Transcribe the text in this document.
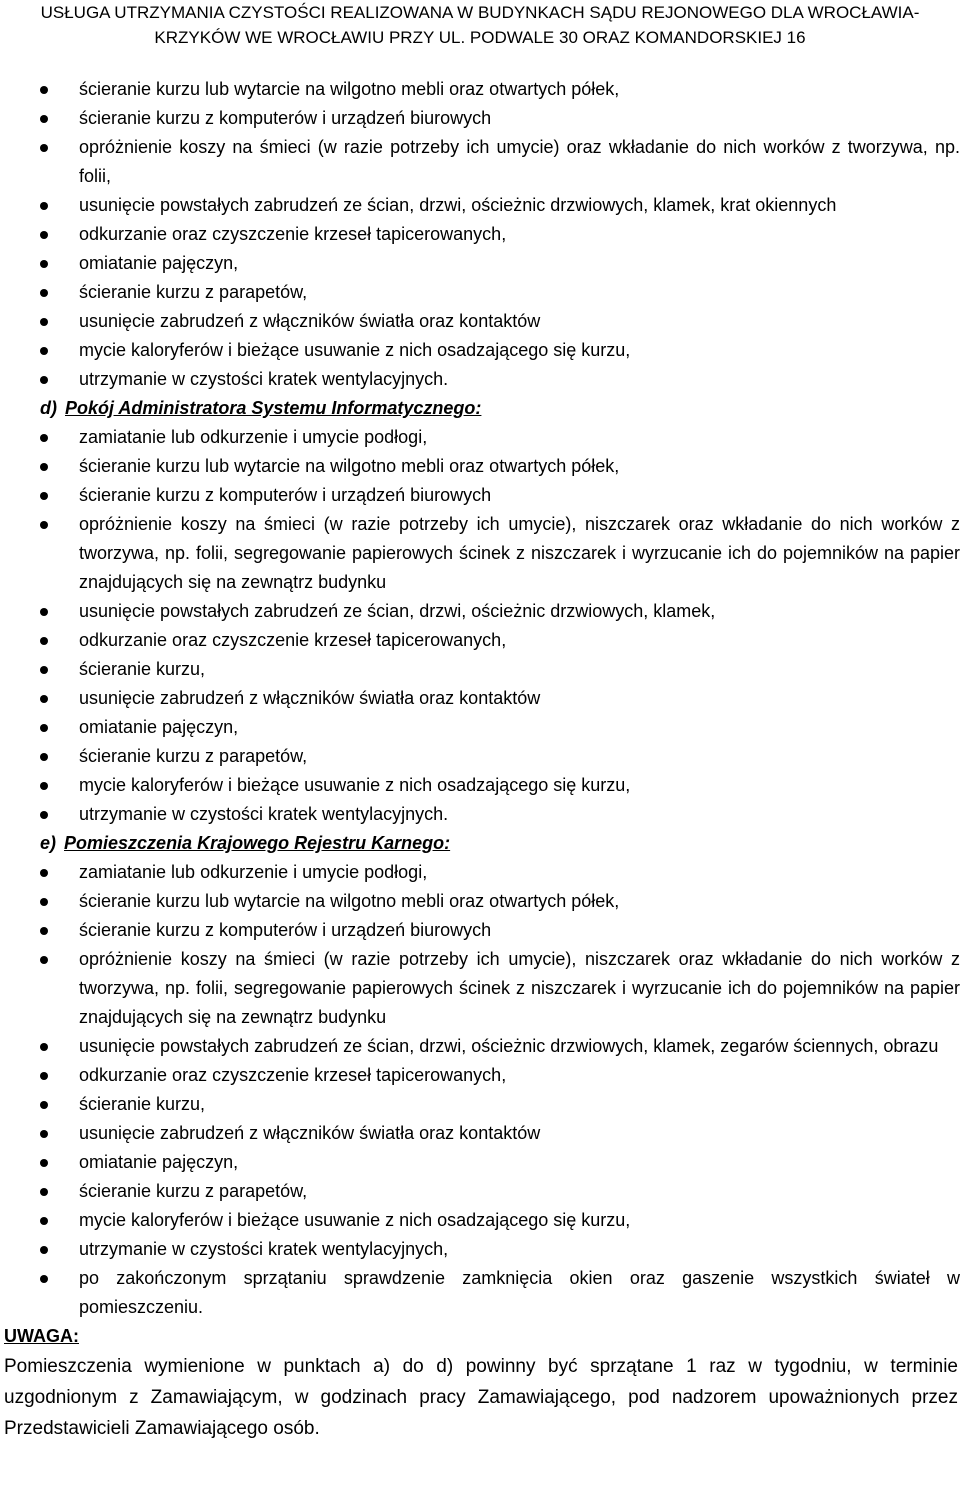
USŁUGA UTRZYMANIA CZYSTOŚCI REALIZOWANA W BUDYNKACH SĄDU REJONOWEGO DLA WROCŁAWIA-
KRZYKÓW WE WROCŁAWIU PRZY UL. PODWALE 30 ORAZ KOMANDORSKIEJ 16
ścieranie kurzu lub wytarcie na wilgotno mebli oraz otwartych półek,
ścieranie kurzu z komputerów i urządzeń biurowych
opróżnienie koszy na śmieci (w razie potrzeby ich umycie) oraz wkładanie do nich worków z tworzywa, np. folii,
usunięcie powstałych zabrudzeń ze ścian, drzwi, ościeżnic drzwiowych, klamek, krat okiennych
odkurzanie oraz czyszczenie krzeseł tapicerowanych,
omiatanie pajęczyn,
ścieranie kurzu z parapetów,
usunięcie zabrudzeń z włączników światła oraz kontaktów
mycie kaloryferów i bieżące usuwanie z nich osadzającego się kurzu,
utrzymanie w czystości kratek wentylacyjnych.
d) Pokój Administratora Systemu Informatycznego:
zamiatanie lub odkurzenie i umycie podłogi,
ścieranie kurzu lub wytarcie na wilgotno mebli oraz otwartych półek,
ścieranie kurzu z komputerów i urządzeń biurowych
opróżnienie koszy na śmieci (w razie potrzeby ich umycie), niszczarek oraz wkładanie do nich worków z tworzywa, np. folii, segregowanie papierowych ścinek z niszczarek i wyrzucanie ich do pojemników na papier znajdujących się na zewnątrz budynku
usunięcie powstałych zabrudzeń ze ścian, drzwi, ościeżnic drzwiowych, klamek,
odkurzanie oraz czyszczenie krzeseł tapicerowanych,
ścieranie kurzu,
usunięcie zabrudzeń z włączników światła oraz kontaktów
omiatanie pajęczyn,
ścieranie kurzu z parapetów,
mycie kaloryferów i bieżące usuwanie z nich osadzającego się kurzu,
utrzymanie w czystości kratek wentylacyjnych.
e) Pomieszczenia Krajowego Rejestru Karnego:
zamiatanie lub odkurzenie i umycie podłogi,
ścieranie kurzu lub wytarcie na wilgotno mebli oraz otwartych półek,
ścieranie kurzu z komputerów i urządzeń biurowych
opróżnienie koszy na śmieci (w razie potrzeby ich umycie), niszczarek oraz wkładanie do nich worków z tworzywa, np. folii, segregowanie papierowych ścinek z niszczarek i wyrzucanie ich do pojemników na papier znajdujących się na zewnątrz budynku
usunięcie powstałych zabrudzeń ze ścian, drzwi, ościeżnic drzwiowych, klamek, zegarów ściennych, obrazu
odkurzanie oraz czyszczenie krzeseł tapicerowanych,
ścieranie kurzu,
usunięcie zabrudzeń z włączników światła oraz kontaktów
omiatanie pajęczyn,
ścieranie kurzu z parapetów,
mycie kaloryferów i bieżące usuwanie z nich osadzającego się kurzu,
utrzymanie w czystości kratek wentylacyjnych,
po zakończonym sprzątaniu sprawdzenie zamknięcia okien oraz gaszenie wszystkich świateł w pomieszczeniu.
UWAGA:
Pomieszczenia wymienione w punktach a) do d) powinny być sprzątane 1 raz w tygodniu, w terminie uzgodnionym z Zamawiającym, w godzinach pracy Zamawiającego, pod nadzorem upoważnionych przez Przedstawicieli Zamawiającego osób.
